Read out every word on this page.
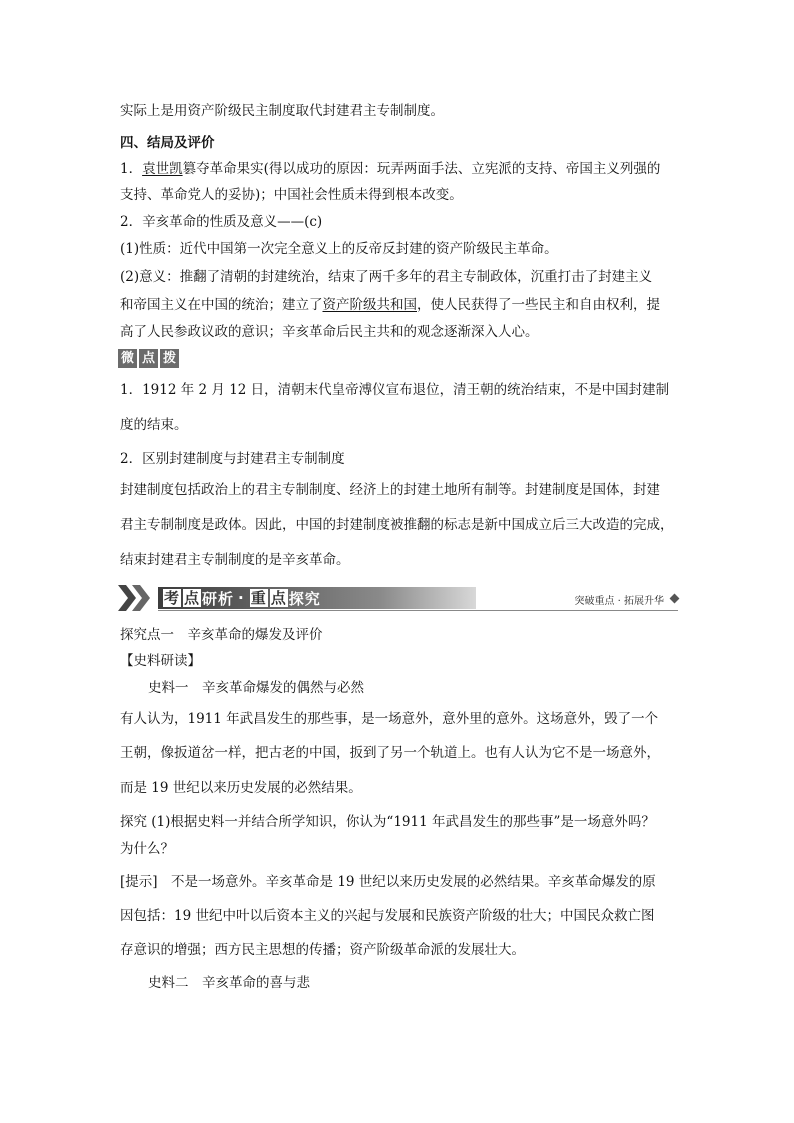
实际上是用资产阶级民主制度取代封建君主专制制度。
四、结局及评价
1．袁世凯篡夺革命果实(得以成功的原因：玩弄两面手法、立宪派的支持、帝国主义列强的
支持、革命党人的妥协)；中国社会性质未得到根本改变。
2．辛亥革命的性质及意义——(c)
(1)性质：近代中国第一次完全意义上的反帝反封建的资产阶级民主革命。
(2)意义：推翻了清朝的封建统治，结束了两千多年的君主专制政体，沉重打击了封建主义
和帝国主义在中国的统治；建立了资产阶级共和国，使人民获得了一些民主和自由权利，提
高了人民参政议政的意识；辛亥革命后民主共和的观念逐渐深入人心。
微 点 拨
1．1912 年 2 月 12 日，清朝末代皇帝溥仪宣布退位，清王朝的统治结束，不是中国封建制
度的结束。
2．区别封建制度与封建君主专制制度
封建制度包括政治上的君主专制制度、经济上的封建土地所有制等。封建制度是国体，封建
君主专制制度是政体。因此，中国的封建制度被推翻的标志是新中国成立后三大改造的完成，
结束封建君主专制制度的是辛亥革命。
考 点 研析 · 重 点 探究	突破重点 · 拓展升华
探究点一　辛亥革命的爆发及评价
【史料研读】
史料一　辛亥革命爆发的偶然与必然
有人认为，1911 年武昌发生的那些事，是一场意外，意外里的意外。这场意外，毁了一个
王朝，像扳道岔一样，把古老的中国，扳到了另一个轨道上。也有人认为它不是一场意外，
而是 19 世纪以来历史发展的必然结果。
探究 (1)根据史料一并结合所学知识，你认为“1911 年武昌发生的那些事”是一场意外吗？
为什么？
[提示]　不是一场意外。辛亥革命是 19 世纪以来历史发展的必然结果。辛亥革命爆发的原
因包括：19 世纪中叶以后资本主义的兴起与发展和民族资产阶级的壮大；中国民众救亡图
存意识的增强；西方民主思想的传播；资产阶级革命派的发展壮大。
史料二　辛亥革命的喜与悲
